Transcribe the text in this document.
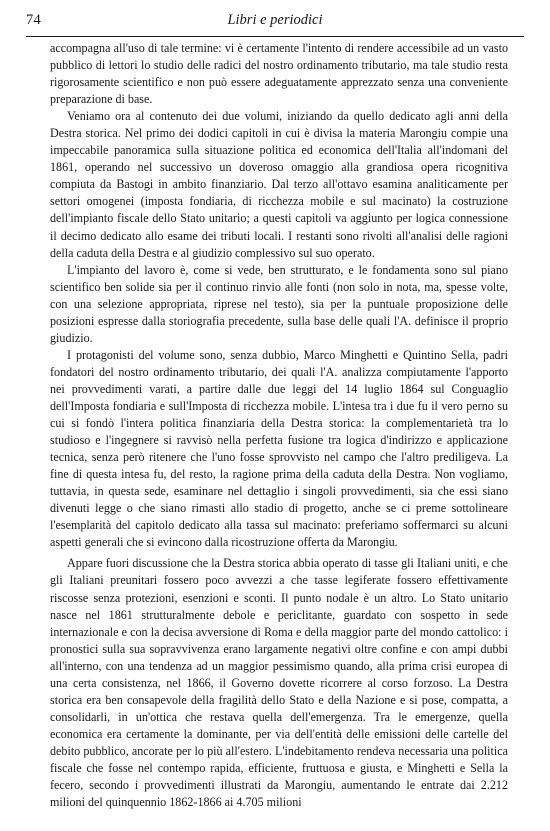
74	Libri e periodici

accompagna all'uso di tale termine: vi è certamente l'intento di rendere accessibile ad un vasto pubblico di lettori lo studio delle radici del nostro ordinamento tributario, ma tale studio resta rigorosamente scientifico e non può essere adeguatamente apprezzato senza una conveniente preparazione di base.

Veniamo ora al contenuto dei due volumi, iniziando da quello dedicato agli anni della Destra storica. Nel primo dei dodici capitoli in cui è divisa la materia Marongiu compie una impeccabile panoramica sulla situazione politica ed economica dell'Italia all'indomani del 1861, operando nel successivo un doveroso omaggio alla grandiosa opera ricognitiva compiuta da Bastogi in ambito finanziario. Dal terzo all'ottavo esamina analiticamente per settori omogenei (imposta fondiaria, di ricchezza mobile e sul macinato) la costruzione dell'impianto fiscale dello Stato unitario; a questi capitoli va aggiunto per logica connessione il decimo dedicato allo esame dei tributi locali. I restanti sono rivolti all'analisi delle ragioni della caduta della Destra e al giudizio complessivo sul suo operato.

L'impianto del lavoro è, come si vede, ben strutturato, e le fondamenta sono sul piano scientifico ben solide sia per il continuo rinvio alle fonti (non solo in nota, ma, spesse volte, con una selezione appropriata, riprese nel testo), sia per la puntuale proposizione delle posizioni espresse dalla storiografia precedente, sulla base delle quali l'A. definisce il proprio giudizio.

I protagonisti del volume sono, senza dubbio, Marco Minghetti e Quintino Sella, padri fondatori del nostro ordinamento tributario, dei quali l'A. analizza compiutamente l'apporto nei provvedimenti varati, a partire dalle due leggi del 14 luglio 1864 sul Conguaglio dell'Imposta fondiaria e sull'Imposta di ricchezza mobile. L'intesa tra i due fu il vero perno su cui si fondò l'intera politica finanziaria della Destra storica: la complementarietà tra lo studioso e l'ingegnere si ravvisò nella perfetta fusione tra logica d'indirizzo e applicazione tecnica, senza però ritenere che l'uno fosse sprovvisto nel campo che l'altro prediligeva. La fine di questa intesa fu, del resto, la ragione prima della caduta della Destra. Non vogliamo, tuttavia, in questa sede, esaminare nel dettaglio i singoli provvedimenti, sia che essi siano divenuti legge o che siano rimasti allo stadio di progetto, anche se ci preme sottolineare l'esemplarità del capitolo dedicato alla tassa sul macinato: preferiamo soffermarci su alcuni aspetti generali che si evincono dalla ricostruzione offerta da Marongiu.

Appare fuori discussione che la Destra storica abbia operato di tasse gli Italiani uniti, e che gli Italiani preunitari fossero poco avvezzi a che tasse legiferate fossero effettivamente riscosse senza protezioni, esenzioni e sconti. Il punto nodale è un altro. Lo Stato unitario nasce nel 1861 strutturalmente debole e periclitante, guardato con sospetto in sede internazionale e con la decisa avversione di Roma e della maggior parte del mondo cattolico: i pronostici sulla sua sopravvivenza erano largamente negativi oltre confine e con ampi dubbi all'interno, con una tendenza ad un maggior pessimismo quando, alla prima crisi europea di una certa consistenza, nel 1866, il Governo dovette ricorrere al corso forzoso. La Destra storica era ben consapevole della fragilità dello Stato e della Nazione e si pose, compatta, a consolidarli, in un'ottica che restava quella dell'emergenza. Tra le emergenze, quella economica era certamente la dominante, per via dell'entità delle emissioni delle cartelle del debito pubblico, ancorate per lo più all'estero. L'indebitamento rendeva necessaria una politica fiscale che fosse nel contempo rapida, efficiente, fruttuosa e giusta, e Minghetti e Sella la fecero, secondo i provvedimenti illustrati da Marongiu, aumentando le entrate dai 2.212 milioni del quinquennio 1862-1866 ai 4.705 milioni
